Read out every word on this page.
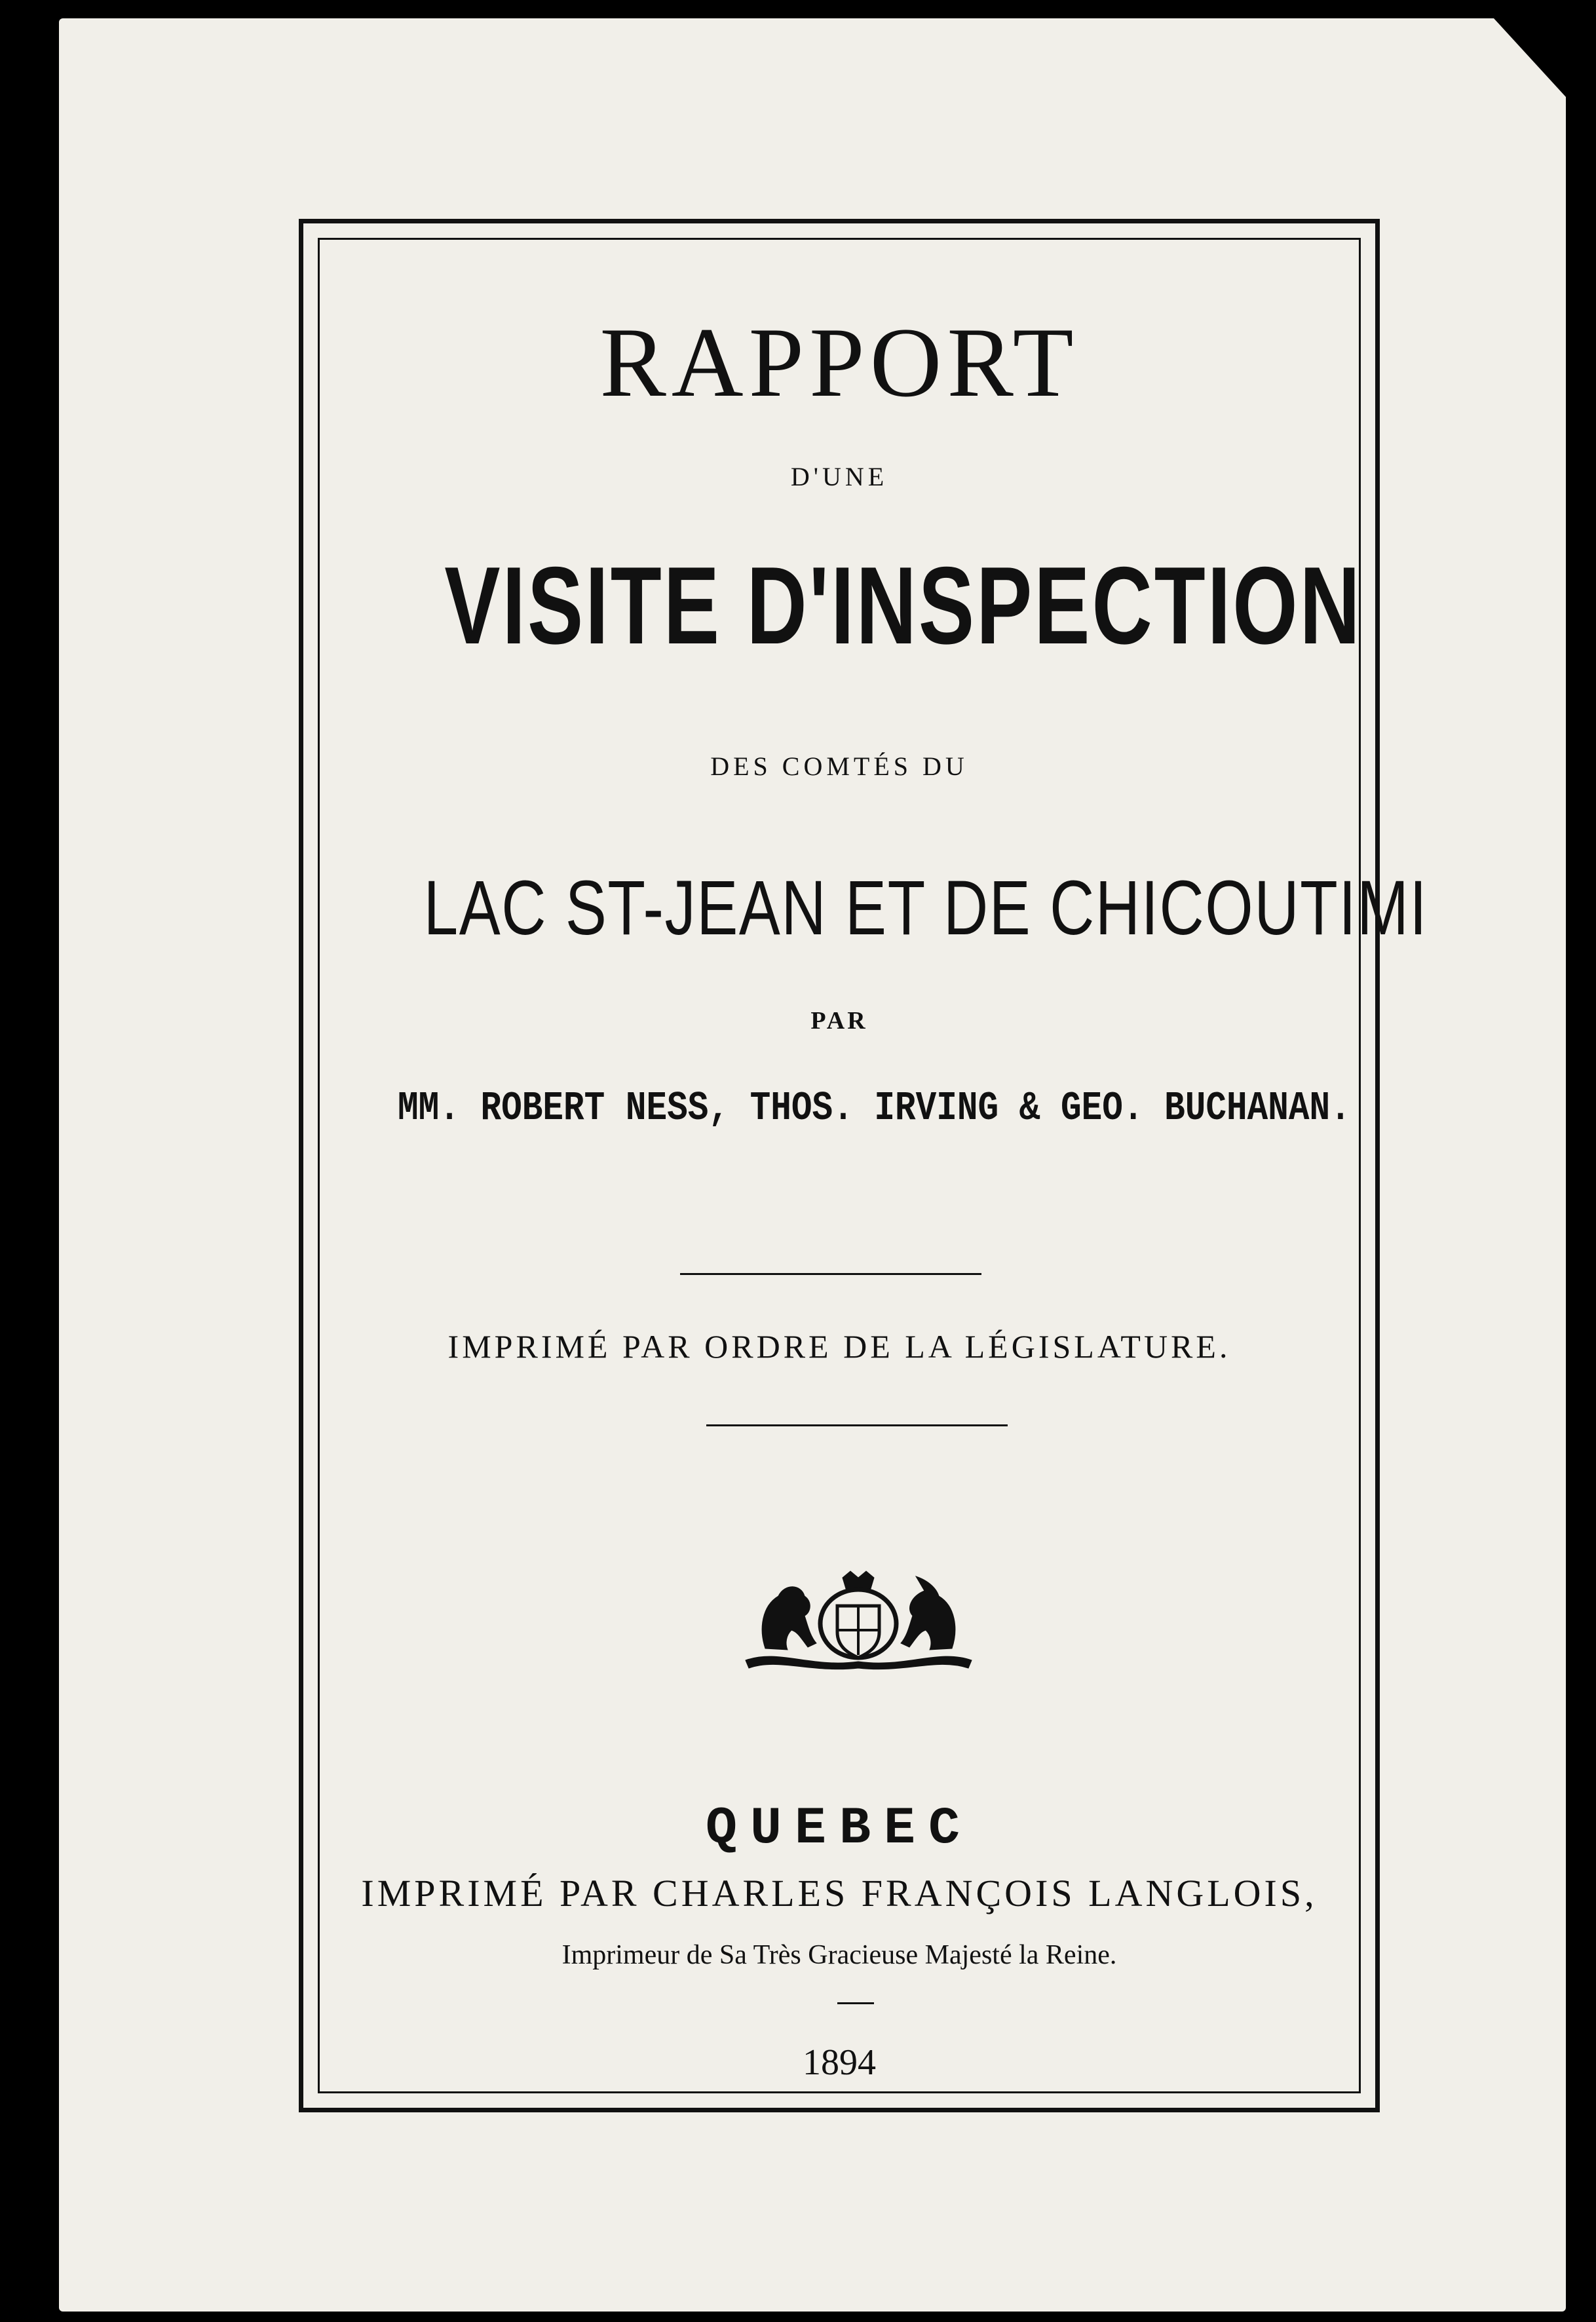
RAPPORT
D'UNE
VISITE D'INSPECTION
DES COMTÉS DU
LAC ST-JEAN ET DE CHICOUTIMI
PAR
MM. ROBERT NESS, THOS. IRVING & GEO. BUCHANAN.
IMPRIMÉ PAR ORDRE DE LA LÉGISLATURE.
QUEBEC
IMPRIMÉ PAR CHARLES FRANÇOIS LANGLOIS,
Imprimeur de Sa Très Gracieuse Majesté la Reine.
1894
